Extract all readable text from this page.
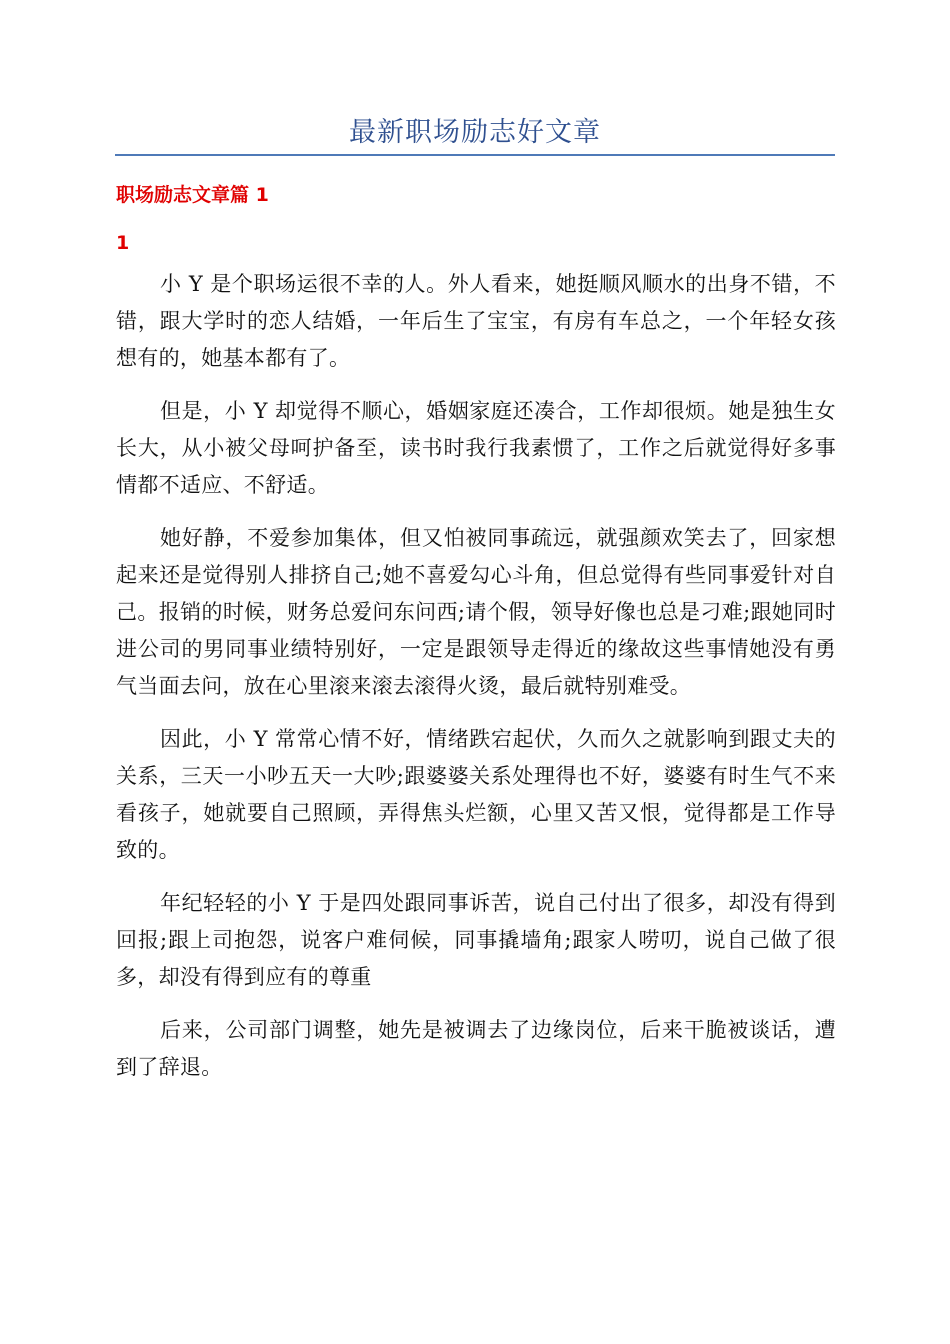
最新职场励志好文章
职场励志文章篇 1
1

小 Y 是个职场运很不幸的人。外人看来，她挺顺风顺水的出身不错，不错，跟大学时的恋人结婚，一年后生了宝宝，有房有车总之，一个年轻女孩想有的，她基本都有了。

但是，小 Y 却觉得不顺心，婚姻家庭还凑合，工作却很烦。她是独生女长大，从小被父母呵护备至，读书时我行我素惯了，工作之后就觉得好多事情都不适应、不舒适。

她好静，不爱参加集体，但又怕被同事疏远，就强颜欢笑去了，回家想起来还是觉得别人排挤自己;她不喜爱勾心斗角，但总觉得有些同事爱针对自己。报销的时候，财务总爱问东问西;请个假，领导好像也总是刁难;跟她同时进公司的男同事业绩特别好，一定是跟领导走得近的缘故这些事情她没有勇气当面去问，放在心里滚来滚去滚得火烫，最后就特别难受。

因此，小 Y 常常心情不好，情绪跌宕起伏，久而久之就影响到跟丈夫的关系，三天一小吵五天一大吵;跟婆婆关系处理得也不好，婆婆有时生气不来看孩子，她就要自己照顾，弄得焦头烂额，心里又苦又恨，觉得都是工作导致的。

年纪轻轻的小 Y 于是四处跟同事诉苦，说自己付出了很多，却没有得到回报;跟上司抱怨，说客户难伺候，同事撬墙角;跟家人唠叨，说自己做了很多，却没有得到应有的尊重

后来，公司部门调整，她先是被调去了边缘岗位，后来干脆被谈话，遭到了辞退。
